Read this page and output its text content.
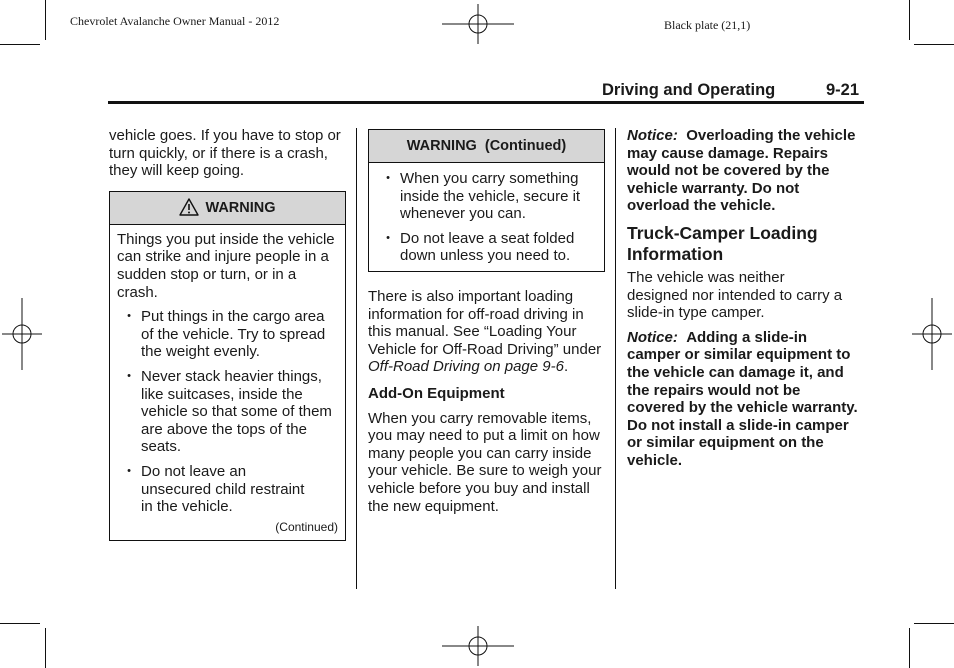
Chevrolet Avalanche Owner Manual - 2012	Black plate (21,1)
Driving and Operating	9-21

vehicle goes. If you have to stop or turn quickly, or if there is a crash, they will keep going.

WARNING

Things you put inside the vehicle can strike and injure people in a sudden stop or turn, or in a crash.

• Put things in the cargo area of the vehicle. Try to spread the weight evenly.
• Never stack heavier things, like suitcases, inside the vehicle so that some of them are above the tops of the seats.
• Do not leave an unsecured child restraint in the vehicle.
(Continued)
WARNING  (Continued)
• When you carry something inside the vehicle, secure it whenever you can.
• Do not leave a seat folded down unless you need to.

There is also important loading information for off-road driving in this manual. See “Loading Your Vehicle for Off-Road Driving” under Off-Road Driving on page 9-6.

Add-On Equipment

When you carry removable items, you may need to put a limit on how many people you can carry inside your vehicle. Be sure to weigh your vehicle before you buy and install the new equipment.

Notice: Overloading the vehicle may cause damage. Repairs would not be covered by the vehicle warranty. Do not overload the vehicle.

Truck-Camper Loading Information

The vehicle was neither designed nor intended to carry a slide-in type camper.

Notice: Adding a slide-in camper or similar equipment to the vehicle can damage it, and the repairs would not be covered by the vehicle warranty. Do not install a slide-in camper or similar equipment on the vehicle.
